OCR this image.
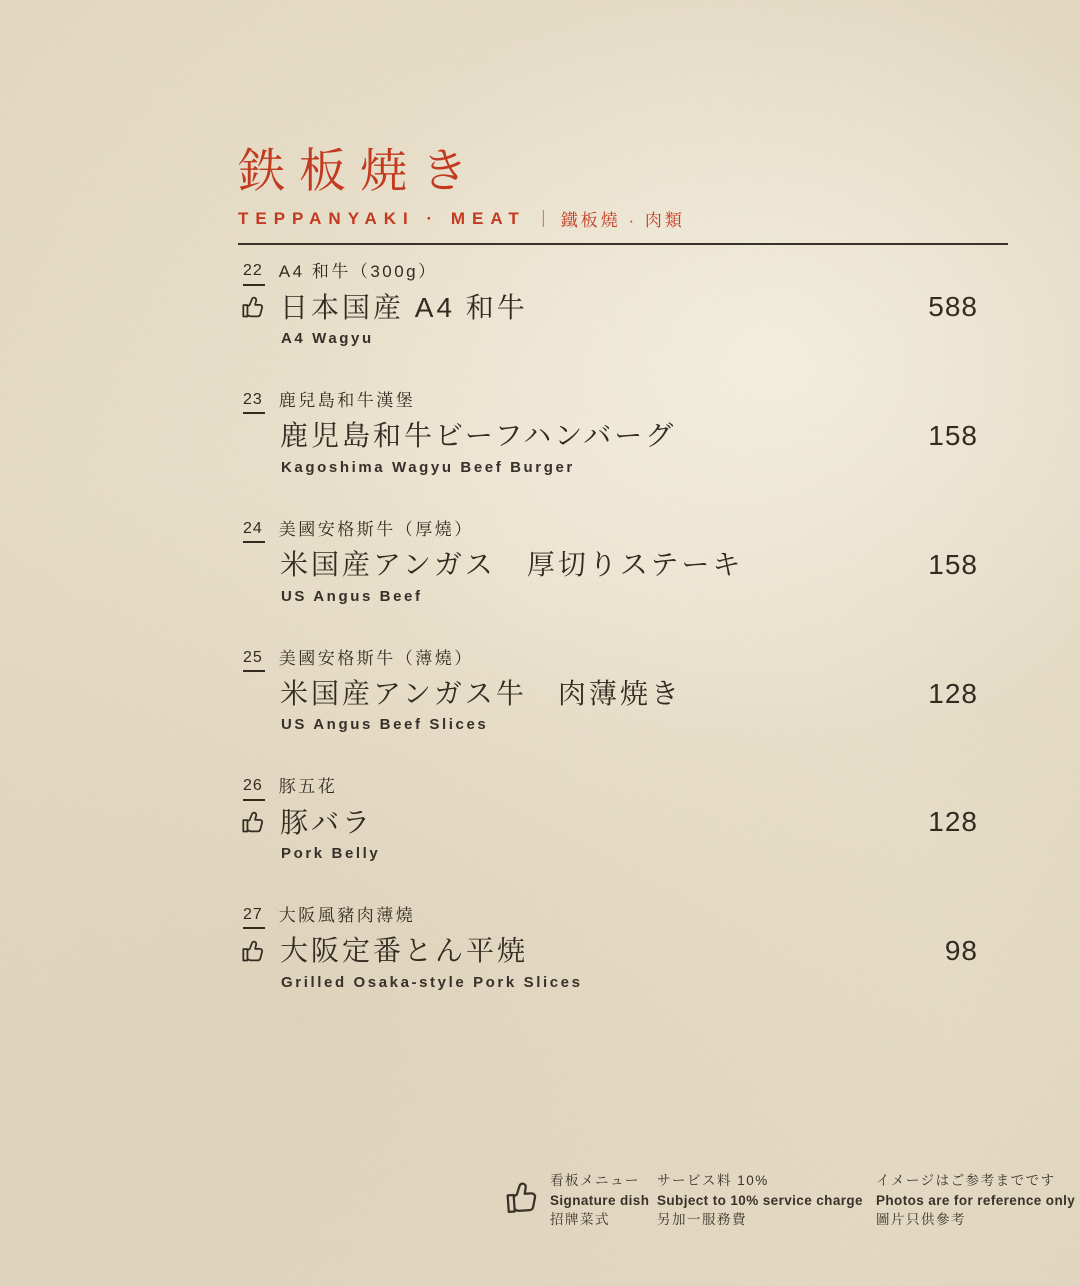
鉄板焼き
TEPPANYAKI · MEAT ｜ 鐵板燒 · 肉類
22 A4 和牛（300g）
日本国産 A4 和牛	588
A4 Wagyu
23 鹿兒島和牛漢堡
鹿児島和牛ビーフハンバーグ	158
Kagoshima Wagyu Beef Burger
24 美國安格斯牛（厚燒）
米国産アンガス　厚切りステーキ	158
US Angus Beef
25 美國安格斯牛（薄燒）
米国産アンガス牛　肉薄焼き	128
US Angus Beef Slices
26 豚五花
豚バラ	128
Pork Belly
27 大阪風豬肉薄燒
大阪定番とん平焼	98
Grilled Osaka-style Pork Slices
看板メニュー
Signature dish
招牌菜式
サービス料 10%
Subject to 10% service charge
另加一服務費
イメージはご参考までです
Photos are for reference only
圖片只供參考
